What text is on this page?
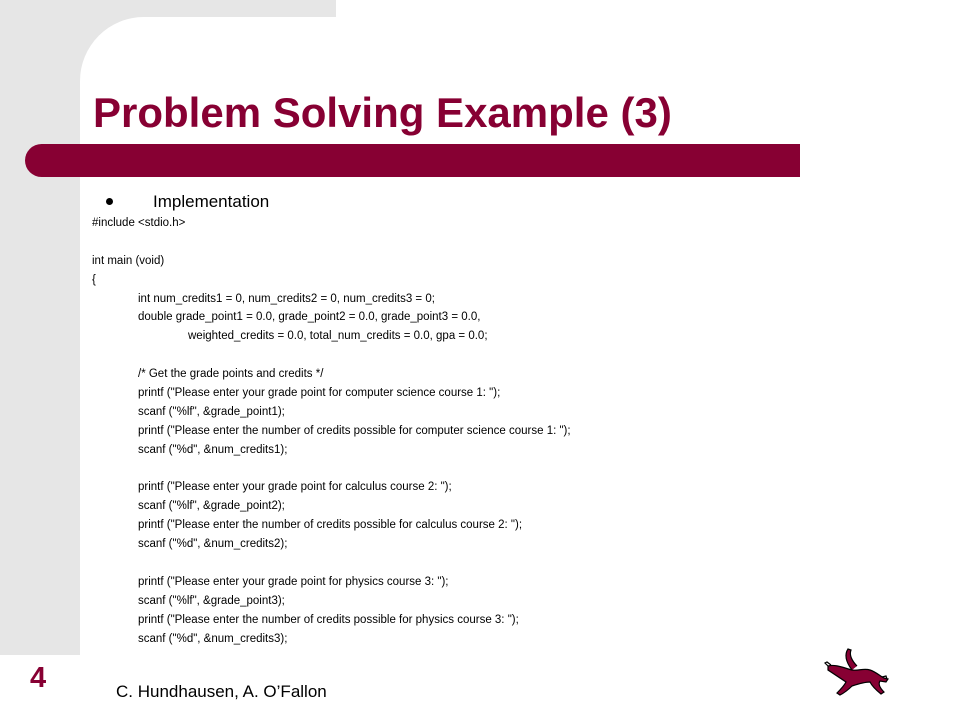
Problem Solving Example (3)
Implementation
#include <stdio.h>
int main (void)
{
int num_credits1 = 0, num_credits2 = 0, num_credits3 = 0;
double grade_point1 = 0.0, grade_point2 = 0.0, grade_point3 = 0.0,
weighted_credits = 0.0, total_num_credits = 0.0, gpa = 0.0;
/* Get the grade points and credits */
printf ("Please enter your grade point for computer science course 1: ");
scanf ("%lf", &grade_point1);
printf ("Please enter the number of credits possible for computer science course 1: ");
scanf ("%d", &num_credits1);
printf ("Please enter your grade point for calculus course 2: ");
scanf ("%lf", &grade_point2);
printf ("Please enter the number of credits possible for calculus course 2: ");
scanf ("%d", &num_credits2);
printf ("Please enter your grade point for physics course 3: ");
scanf ("%lf", &grade_point3);
printf ("Please enter the number of credits possible for physics course 3: ");
scanf ("%d", &num_credits3);
4	C. Hundhausen, A. O’Fallon
